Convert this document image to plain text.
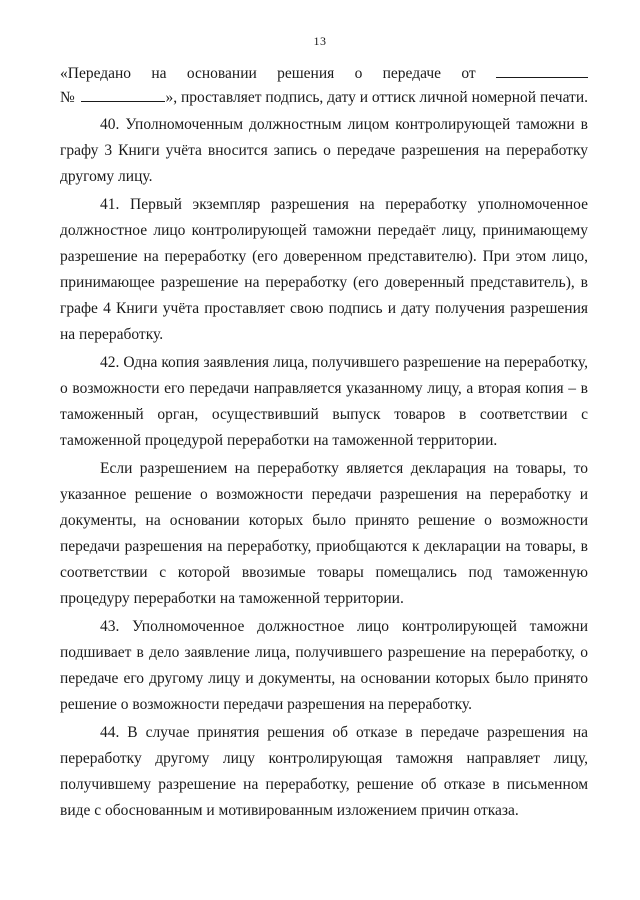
13
«Передано на основании решения о передаче от
№	», проставляет подпись, дату и оттиск личной номерной печати.

40. Уполномоченным должностным лицом контролирующей таможни в графу 3 Книги учёта вносится запись о передаче разрешения на переработку другому лицу.

41. Первый экземпляр разрешения на переработку уполномоченное должностное лицо контролирующей таможни передаёт лицу, принимающему разрешение на переработку (его доверенном представителю). При этом лицо, принимающее разрешение на переработку (его доверенный представитель), в графе 4 Книги учёта проставляет свою подпись и дату получения разрешения на переработку.

42. Одна копия заявления лица, получившего разрешение на переработку, о возможности его передачи направляется указанному лицу, а вторая копия – в таможенный орган, осуществивший выпуск товаров в соответствии с таможенной процедурой переработки на таможенной территории.

Если разрешением на переработку является декларация на товары, то указанное решение о возможности передачи разрешения на переработку и документы, на основании которых было принято решение о возможности передачи разрешения на переработку, приобщаются к декларации на товары, в соответствии с которой ввозимые товары помещались под таможенную процедуру переработки на таможенной территории.

43. Уполномоченное должностное лицо контролирующей таможни подшивает в дело заявление лица, получившего разрешение на переработку, о передаче его другому лицу и документы, на основании которых было принято решение о возможности передачи разрешения на переработку.

44. В случае принятия решения об отказе в передаче разрешения на переработку другому лицу контролирующая таможня направляет лицу, получившему разрешение на переработку, решение об отказе в письменном виде с обоснованным и мотивированным изложением причин отказа.
